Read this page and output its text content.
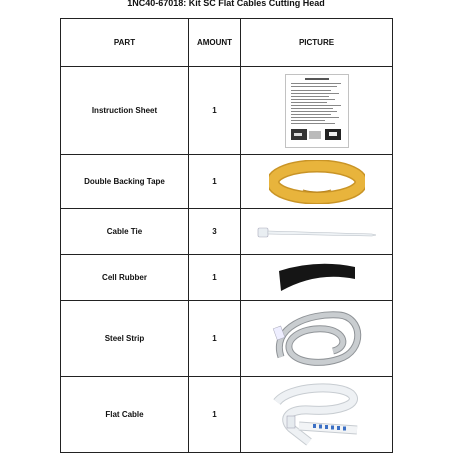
1NC40-67018: Kit SC Flat Cables Cutting Head
PART	AMOUNT	PICTURE
Instruction Sheet	1	

Double Backing Tape	1	

Cable Tie	3	

Cell Rubber	1	

Steel Strip	1	

Flat Cable	1	
